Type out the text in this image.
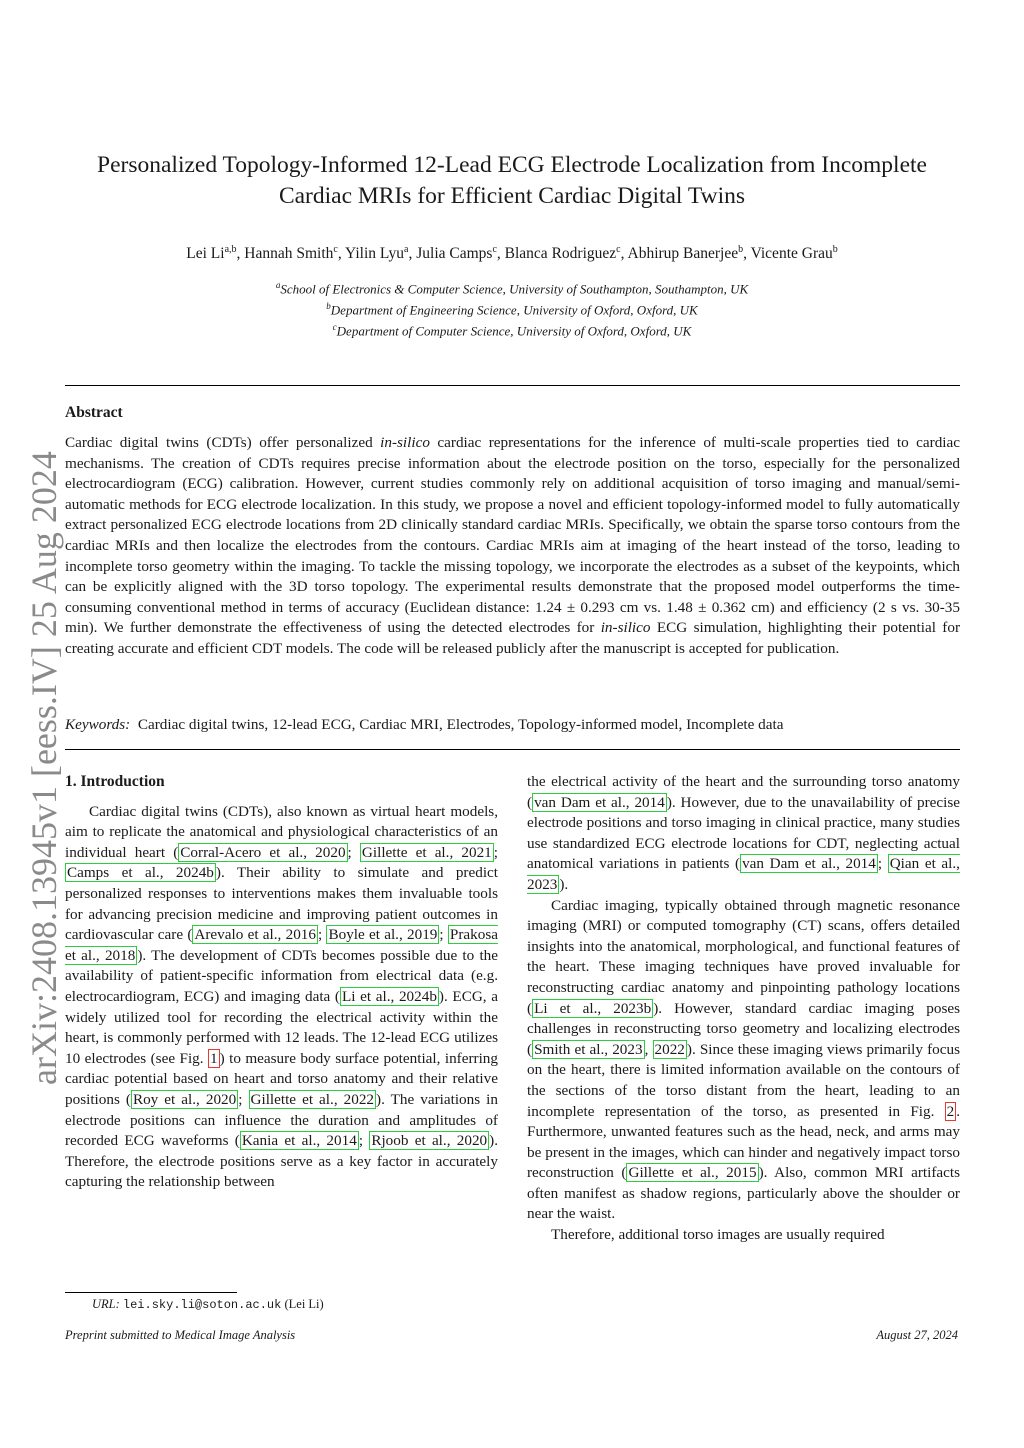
Personalized Topology-Informed 12-Lead ECG Electrode Localization from Incomplete Cardiac MRIs for Efficient Cardiac Digital Twins
Lei Li$^{a,b}$, Hannah Smith$^c$, Yilin Lyu$^a$, Julia Camps$^c$, Blanca Rodriguez$^c$, Abhirup Banerjee$^b$, Vicente Grau$^b$
$^a$School of Electronics & Computer Science, University of Southampton, Southampton, UK
$^b$Department of Engineering Science, University of Oxford, Oxford, UK
$^c$Department of Computer Science, University of Oxford, Oxford, UK
Abstract

Cardiac digital twins (CDTs) offer personalized in-silico cardiac representations for the inference of multi-scale properties tied to cardiac mechanisms. The creation of CDTs requires precise information about the electrode position on the torso, especially for the personalized electrocardiogram (ECG) calibration. However, current studies commonly rely on additional acquisition of torso imaging and manual/semi-automatic methods for ECG electrode localization. In this study, we propose a novel and efficient topology-informed model to fully automatically extract personalized ECG electrode locations from 2D clinically standard cardiac MRIs. Specifically, we obtain the sparse torso contours from the cardiac MRIs and then localize the electrodes from the contours. Cardiac MRIs aim at imaging of the heart instead of the torso, leading to incomplete torso geometry within the imaging. To tackle the missing topology, we incorporate the electrodes as a subset of the keypoints, which can be explicitly aligned with the 3D torso topology. The experimental results demonstrate that the proposed model outperforms the time-consuming conventional method in terms of accuracy (Euclidean distance: 1.24 ± 0.293 cm vs. 1.48 ± 0.362 cm) and efficiency (2 s vs. 30-35 min). We further demonstrate the effectiveness of using the detected electrodes for in-silico ECG simulation, highlighting their potential for creating accurate and efficient CDT models. The code will be released publicly after the manuscript is accepted for publication.

Keywords: Cardiac digital twins, 12-lead ECG, Cardiac MRI, Electrodes, Topology-informed model, Incomplete data
arXiv:2408.13945v1 [eess.IV] 25 Aug 2024 1. Introduction

Cardiac digital twins (CDTs), also known as virtual heart models, aim to replicate the anatomical and physiological characteristics of an individual heart ( Corral-Acero et al., 2020 ; Gillette et al., 2021 ; Camps et al., 2024b ). Their ability to simulate and predict personalized responses to interventions makes them invaluable tools for advancing precision medicine and improving patient outcomes in cardiovascular care ( Arevalo et al., 2016 ; Boyle et al., 2019 ; Prakosa et al., 2018 ). The development of CDTs becomes possible due to the availability of patient-specific information from electrical data (e.g. electrocardiogram, ECG) and imaging data ( Li et al., 2024b ). ECG, a widely utilized tool for recording the electrical activity within the heart, is commonly performed with 12 leads. The 12-lead ECG utilizes 10 electrodes (see Fig. 1 ) to measure body surface potential, inferring cardiac potential based on heart and torso anatomy and their relative positions ( Roy et al., 2020 ; Gillette et al., 2022 ). The variations in electrode positions can influence the duration and amplitudes of recorded ECG waveforms ( Kania et al., 2014 ; Rjoob et al., 2020 ). Therefore, the electrode positions serve as a key factor in accurately capturing the relationship between

the electrical activity of the heart and the surrounding torso anatomy ( van Dam et al., 2014 ). However, due to the unavailability of precise electrode positions and torso imaging in clinical practice, many studies use standardized ECG electrode locations for CDT, neglecting actual anatomical variations in patients ( van Dam et al., 2014 ; Qian et al., 2023 ).

Cardiac imaging, typically obtained through magnetic resonance imaging (MRI) or computed tomography (CT) scans, offers detailed insights into the anatomical, morphological, and functional features of the heart. These imaging techniques have proved invaluable for reconstructing cardiac anatomy and pinpointing pathology locations ( Li et al., 2023b ). However, standard cardiac imaging poses challenges in reconstructing torso geometry and localizing electrodes ( Smith et al., 2023 , 2022 ). Since these imaging views primarily focus on the heart, there is limited information available on the contours of the sections of the torso distant from the heart, leading to an incomplete representation of the torso, as presented in Fig. 2 . Furthermore, unwanted features such as the head, neck, and arms may be present in the images, which can hinder and negatively impact torso reconstruction ( Gillette et al., 2015 ). Also, common MRI artifacts often manifest as shadow regions, particularly above the shoulder or near the waist.

Therefore, additional torso images are usually required

URL: lei.sky.li@soton.ac.uk (Lei Li)
Preprint submitted to Medical Image Analysis	August 27, 2024
